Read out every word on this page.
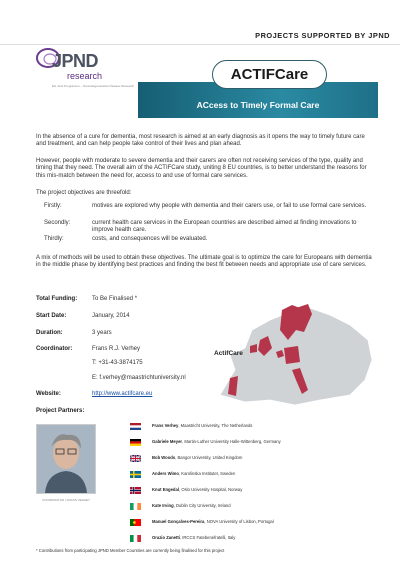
PROJECTS SUPPORTED BY JPND
JPND
research
EU Joint Programme – Neurodegenerative Disease Research
ACTIFCare
ACcess to Timely Formal Care
In the absence of a cure for dementia, most research is aimed at an early diagnosis as it opens the way to timely future care and treatment, and can help people take control of their lives and plan ahead.
However, people with moderate to severe dementia and their carers are often not receiving services of the type, quality and timing that they need. The overall aim of the ACTIFCare study, uniting 8 EU countries, is to better understand the reasons for this mis-match between the need for, access to and use of formal care services.
The project objectives are threefold:
Firstly:	motives are explored why people with dementia and their carers use, or fail to use formal care services.
Secondly:	current health care services in the European countries are described aimed at finding innovations to improve health care.
Thirdly:	costs, and consequences will be evaluated.
A mix of methods will be used to obtain these objectives. The ultimate goal is to optimize the care for Europeans with dementia in the middle phase by identifying best practices and finding the best fit between needs and appropriate use of care services.
Total Funding:	To Be Finalised *
Start Date:	January, 2014
Duration:	3 years
Coordinator:	Frans R.J. Verhey
T: +31-43-3874175
E: f.verhey@maastrichtuniversity.nl
Website:	http://www.actifcare.eu
ActifCare
Project Partners:
COORDINATOR | FRANS VERHEY
Frans Verhey, Maastricht University, The Netherlands
Gabriele Meyer, Martin-Luther University Halle-Wittenberg, Germany
Bob Woods, Bangor University, United Kingdom
Anders Wimo, Karolinska Institutet, Sweden
Knut Engedal, Oslo University Hospital, Norway
Kate Irving, Dublin City University, Ireland
Manuel Gonçalves-Pereira, NOVA University of Lisbon, Portugal
Orazio Zanetti, IRCCS Fatebenefratelli, Italy
* Contributions from participating JPND Member Countries are currently being finalised for this project
